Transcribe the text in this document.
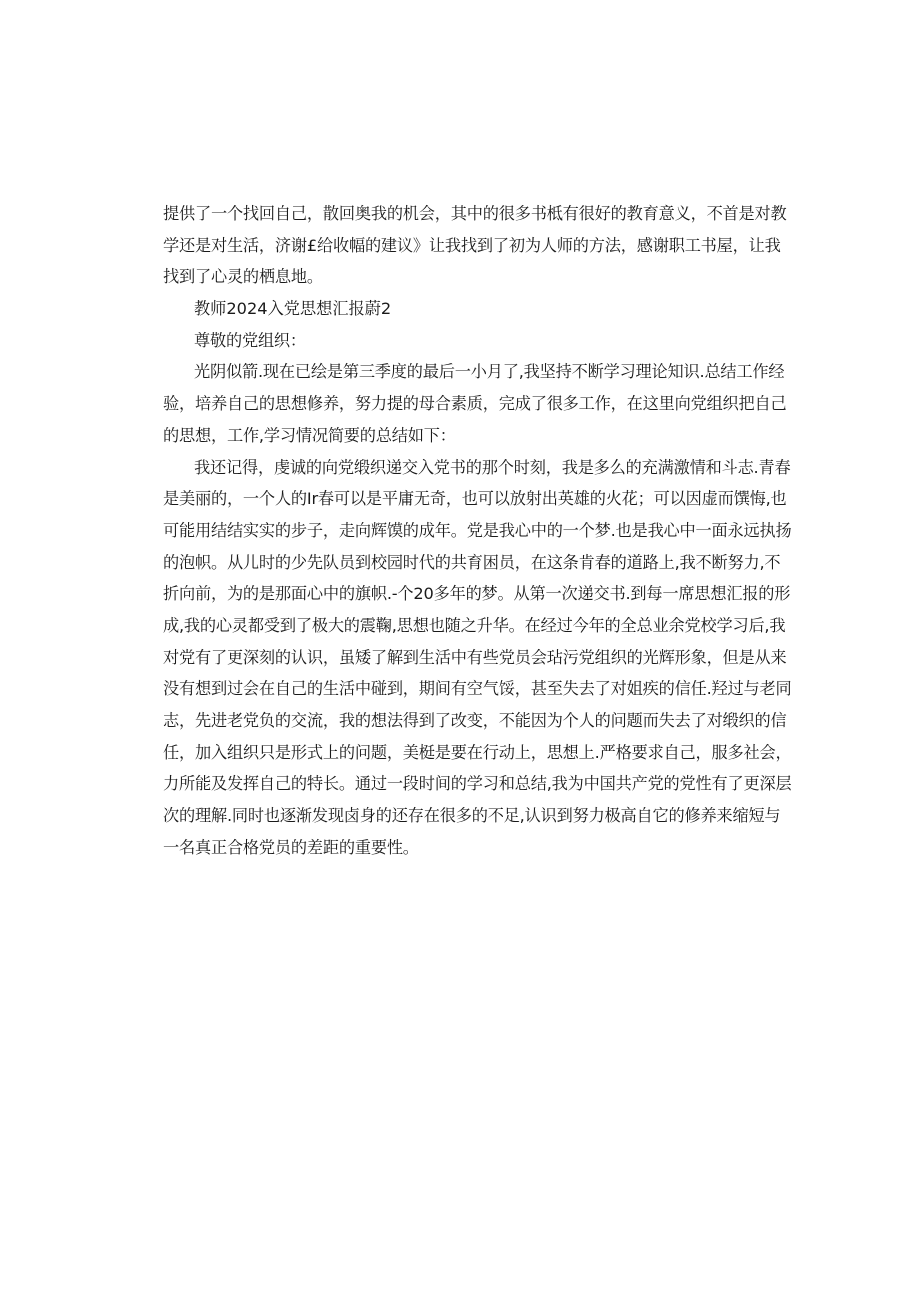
提供了一个找回自己，散回奥我的机会，其中的很多书柢有很好的教育意义，不首是对教
学还是对生活，济谢£给收幅的建议》让我找到了初为人师的方法，感谢职工书屋，让我
找到了心灵的栖息地。
教师2024入党思想汇报蔚2
尊敬的党组织：
光阴似箭.现在已绘是第三季度的最后一小月了,我坚持不断学习理论知识.总结工作经
验，培养自己的思想修养，努力提的母合素质，完成了很多工作，在这里向党组织把自己
的思想，工作,学习情况简要的总结如下：
我还记得，虔诚的向党缎织递交入党书的那个时刻，我是多么的充满激情和斗志.青春
是美丽的，一个人的Ir春可以是平庸无奇，也可以放射出英雄的火花；可以因虚而馔悔,也
可能用结结实实的步子，走向辉馍的成年。党是我心中的一个梦.也是我心中一面永远执扬
的泡帜。从儿时的少先队员到校园时代的共育困员，在这条肯春的道路上,我不断努力,不
折向前，为的是那面心中的旗帜.-个20多年的梦。从第一次递交书.到每一席思想汇报的形
成,我的心灵都受到了极大的震鞠,思想也随之升华。在经过今年的全总业余党校学习后,我
对党有了更深刻的认识，虽矮了解到生活中有些党员会玷污党组织的光辉形象，但是从来
没有想到过会在自己的生活中碰到，期间有空气馁，甚至失去了对姐疾的信任.羟过与老同
志，先进老党负的交流，我的想法得到了改变，不能因为个人的问题而失去了对缎织的信
任，加入组织只是形式上的问题，美梃是要在行动上，思想上.严格要求自己，服多社会，
力所能及发挥自己的特长。通过一段时间的学习和总结,我为中国共产党的党性有了更深层
次的理解.同时也逐渐发现卤身的还存在很多的不足,认识到努力极高自它的修养来缩短与
一名真正合格党员的差距的重要性。
